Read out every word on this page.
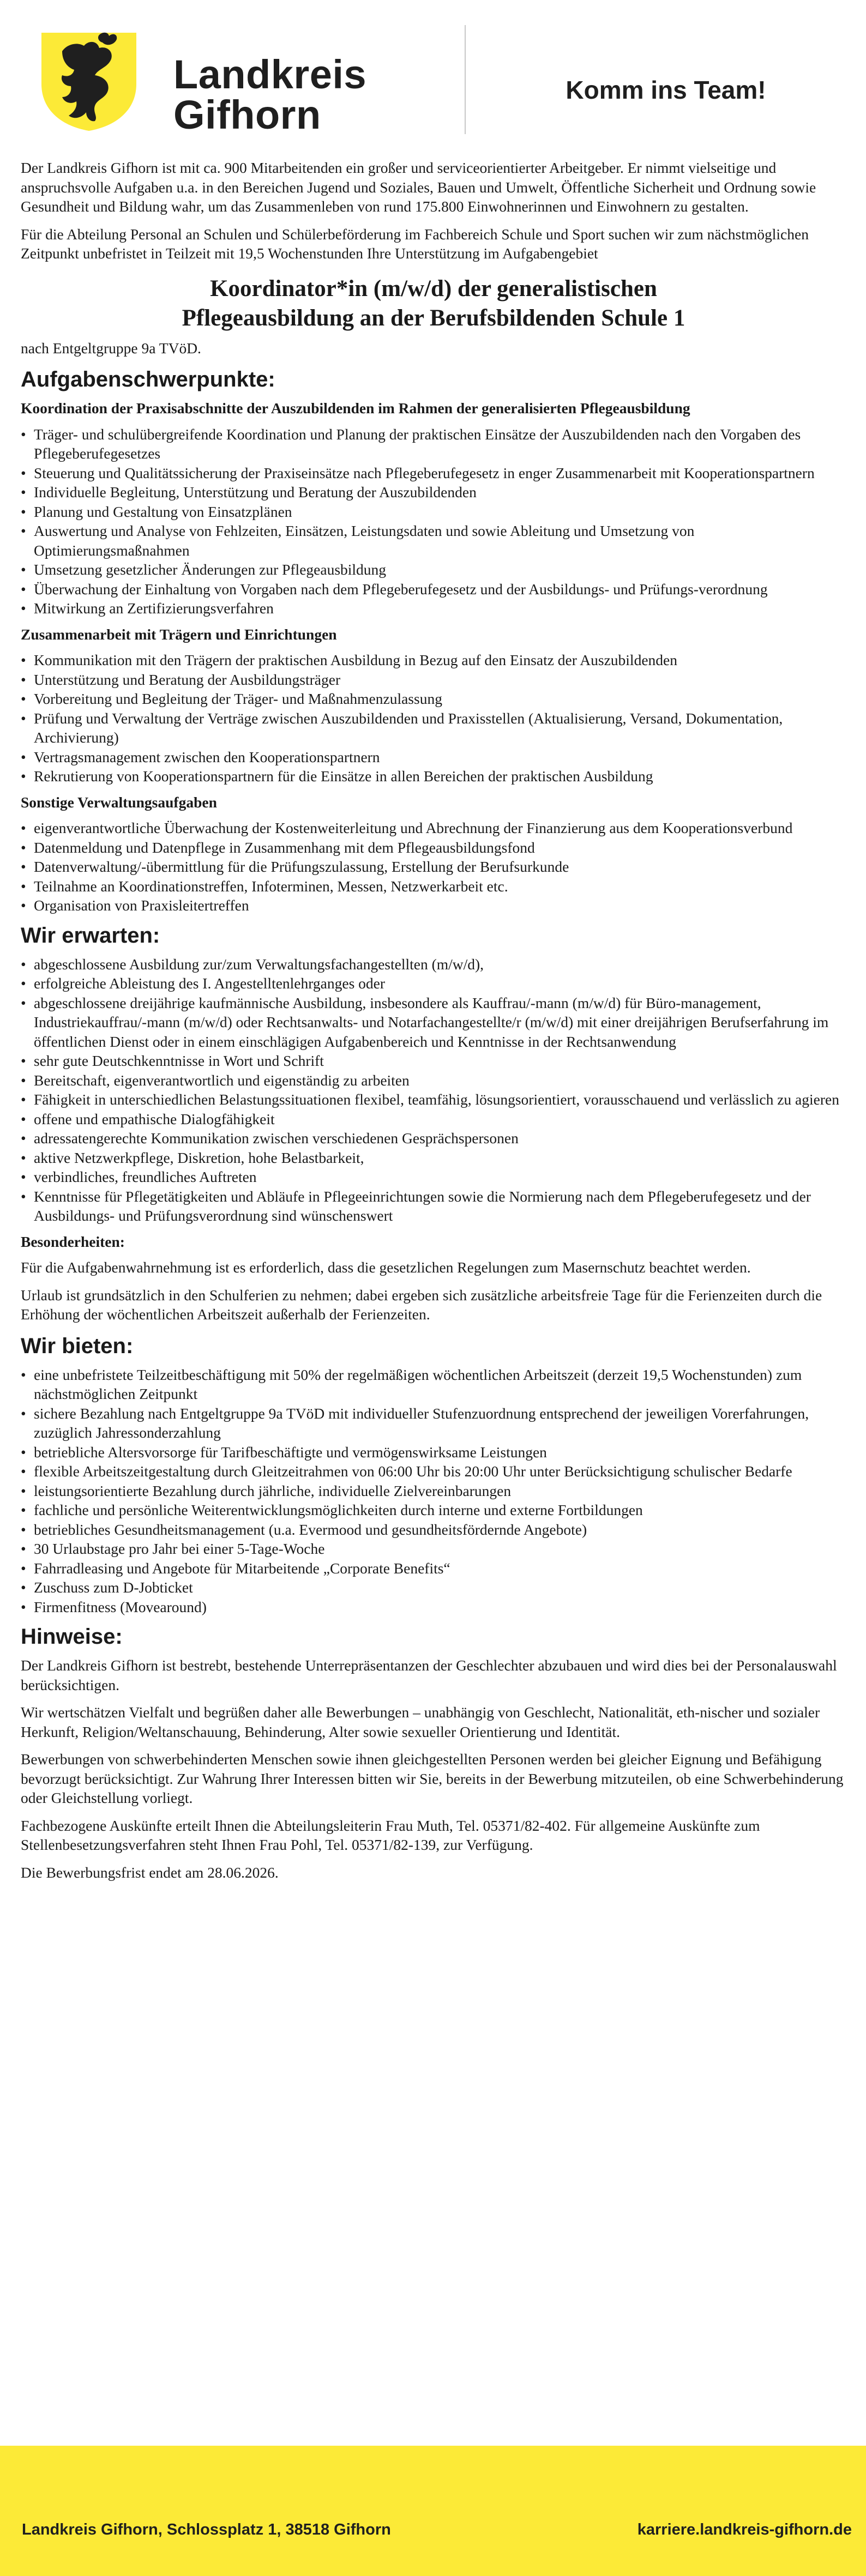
Landkreis
Gifhorn
Komm ins Team!

Der Landkreis Gifhorn ist mit ca. 900 Mitarbeitenden ein großer und serviceorientierter Arbeitgeber. Er nimmt vielseitige und anspruchsvolle Aufgaben u.a. in den Bereichen Jugend und Soziales, Bauen und Umwelt, Öffentliche Sicherheit und Ordnung sowie Gesundheit und Bildung wahr, um das Zusammenleben von rund 175.800 Einwohnerinnen und Einwohnern zu gestalten.

Für die Abteilung Personal an Schulen und Schülerbeförderung im Fachbereich Schule und Sport suchen wir zum nächstmöglichen Zeitpunkt unbefristet in Teilzeit mit 19,5 Wochenstunden Ihre Unterstützung im Aufgabengebiet

Koordinator*in (m/w/d) der generalistischen
Pflegeausbildung an der Berufsbildenden Schule 1

nach Entgeltgruppe 9a TVöD.

Aufgabenschwerpunkte:
Koordination der Praxisabschnitte der Auszubildenden im Rahmen der generalisierten Pflegeausbildung
• Träger- und schulübergreifende Koordination und Planung der praktischen Einsätze der Auszubildenden nach den Vorgaben des Pflegeberufegesetzes
• Steuerung und Qualitätssicherung der Praxiseinsätze nach Pflegeberufegesetz in enger Zusammenarbeit mit Kooperationspartnern
• Individuelle Begleitung, Unterstützung und Beratung der Auszubildenden
• Planung und Gestaltung von Einsatzplänen
• Auswertung und Analyse von Fehlzeiten, Einsätzen, Leistungsdaten und sowie Ableitung und Umsetzung von Optimierungsmaßnahmen
• Umsetzung gesetzlicher Änderungen zur Pflegeausbildung
• Überwachung der Einhaltung von Vorgaben nach dem Pflegeberufegesetz und der Ausbildungs- und Prüfungs-verordnung
• Mitwirkung an Zertifizierungsverfahren
Zusammenarbeit mit Trägern und Einrichtungen
• Kommunikation mit den Trägern der praktischen Ausbildung in Bezug auf den Einsatz der Auszubildenden
• Unterstützung und Beratung der Ausbildungsträger
• Vorbereitung und Begleitung der Träger- und Maßnahmenzulassung
• Prüfung und Verwaltung der Verträge zwischen Auszubildenden und Praxisstellen (Aktualisierung, Versand, Dokumentation, Archivierung)
• Vertragsmanagement zwischen den Kooperationspartnern
• Rekrutierung von Kooperationspartnern für die Einsätze in allen Bereichen der praktischen Ausbildung
Sonstige Verwaltungsaufgaben
• eigenverantwortliche Überwachung der Kostenweiterleitung und Abrechnung der Finanzierung aus dem Kooperationsverbund
• Datenmeldung und Datenpflege in Zusammenhang mit dem Pflegeausbildungsfond
• Datenverwaltung/-übermittlung für die Prüfungszulassung, Erstellung der Berufsurkunde
• Teilnahme an Koordinationstreffen, Infoterminen, Messen, Netzwerkarbeit etc.
• Organisation von Praxisleitertreffen
Wir erwarten:
• abgeschlossene Ausbildung zur/zum Verwaltungsfachangestellten (m/w/d),
• erfolgreiche Ableistung des I. Angestelltenlehrganges oder
• abgeschlossene dreijährige kaufmännische Ausbildung, insbesondere als Kauffrau/-mann (m/w/d) für Büro-management, Industriekauffrau/-mann (m/w/d) oder Rechtsanwalts- und Notarfachangestellte/r (m/w/d) mit einer dreijährigen Berufserfahrung im öffentlichen Dienst oder in einem einschlägigen Aufgabenbereich und Kenntnisse in der Rechtsanwendung
• sehr gute Deutschkenntnisse in Wort und Schrift
• Bereitschaft, eigenverantwortlich und eigenständig zu arbeiten
• Fähigkeit in unterschiedlichen Belastungssituationen flexibel, teamfähig, lösungsorientiert, vorausschauend und verlässlich zu agieren
• offene und empathische Dialogfähigkeit
• adressatengerechte Kommunikation zwischen verschiedenen Gesprächspersonen
• aktive Netzwerkpflege, Diskretion, hohe Belastbarkeit,
• verbindliches, freundliches Auftreten
• Kenntnisse für Pflegetätigkeiten und Abläufe in Pflegeeinrichtungen sowie die Normierung nach dem Pflegeberufegesetz und der Ausbildungs- und Prüfungsverordnung sind wünschenswert
Besonderheiten:

Für die Aufgabenwahrnehmung ist es erforderlich, dass die gesetzlichen Regelungen zum Masernschutz beachtet werden.

Urlaub ist grundsätzlich in den Schulferien zu nehmen; dabei ergeben sich zusätzliche arbeitsfreie Tage für die Ferienzeiten durch die Erhöhung der wöchentlichen Arbeitszeit außerhalb der Ferienzeiten.

Wir bieten:
• eine unbefristete Teilzeitbeschäftigung mit 50% der regelmäßigen wöchentlichen Arbeitszeit (derzeit 19,5 Wochenstunden) zum nächstmöglichen Zeitpunkt
• sichere Bezahlung nach Entgeltgruppe 9a TVöD mit individueller Stufenzuordnung entsprechend der jeweiligen Vorerfahrungen, zuzüglich Jahressonderzahlung
• betriebliche Altersvorsorge für Tarifbeschäftigte und vermögenswirksame Leistungen
• flexible Arbeitszeitgestaltung durch Gleitzeitrahmen von 06:00 Uhr bis 20:00 Uhr unter Berücksichtigung schulischer Bedarfe
• leistungsorientierte Bezahlung durch jährliche, individuelle Zielvereinbarungen
• fachliche und persönliche Weiterentwicklungsmöglichkeiten durch interne und externe Fortbildungen
• betriebliches Gesundheitsmanagement (u.a. Evermood und gesundheitsfördernde Angebote)
• 30 Urlaubstage pro Jahr bei einer 5-Tage-Woche
• Fahrradleasing und Angebote für Mitarbeitende „Corporate Benefits“
• Zuschuss zum D-Jobticket
• Firmenfitness (Movearound)
Hinweise:

Der Landkreis Gifhorn ist bestrebt, bestehende Unterrepräsentanzen der Geschlechter abzubauen und wird dies bei der Personalauswahl berücksichtigen.

Wir wertschätzen Vielfalt und begrüßen daher alle Bewerbungen – unabhängig von Geschlecht, Nationalität, eth-nischer und sozialer Herkunft, Religion/Weltanschauung, Behinderung, Alter sowie sexueller Orientierung und Identität.

Bewerbungen von schwerbehinderten Menschen sowie ihnen gleichgestellten Personen werden bei gleicher Eignung und Befähigung bevorzugt berücksichtigt. Zur Wahrung Ihrer Interessen bitten wir Sie, bereits in der Bewerbung mitzuteilen, ob eine Schwerbehinderung oder Gleichstellung vorliegt.

Fachbezogene Auskünfte erteilt Ihnen die Abteilungsleiterin Frau Muth, Tel. 05371/82-402. Für allgemeine Auskünfte zum Stellenbesetzungsverfahren steht Ihnen Frau Pohl, Tel. 05371/82-139, zur Verfügung.

Die Bewerbungsfrist endet am 28.06.2026.

Landkreis Gifhorn, Schlossplatz 1, 38518 Gifhorn	karriere.landkreis-gifhorn.de
